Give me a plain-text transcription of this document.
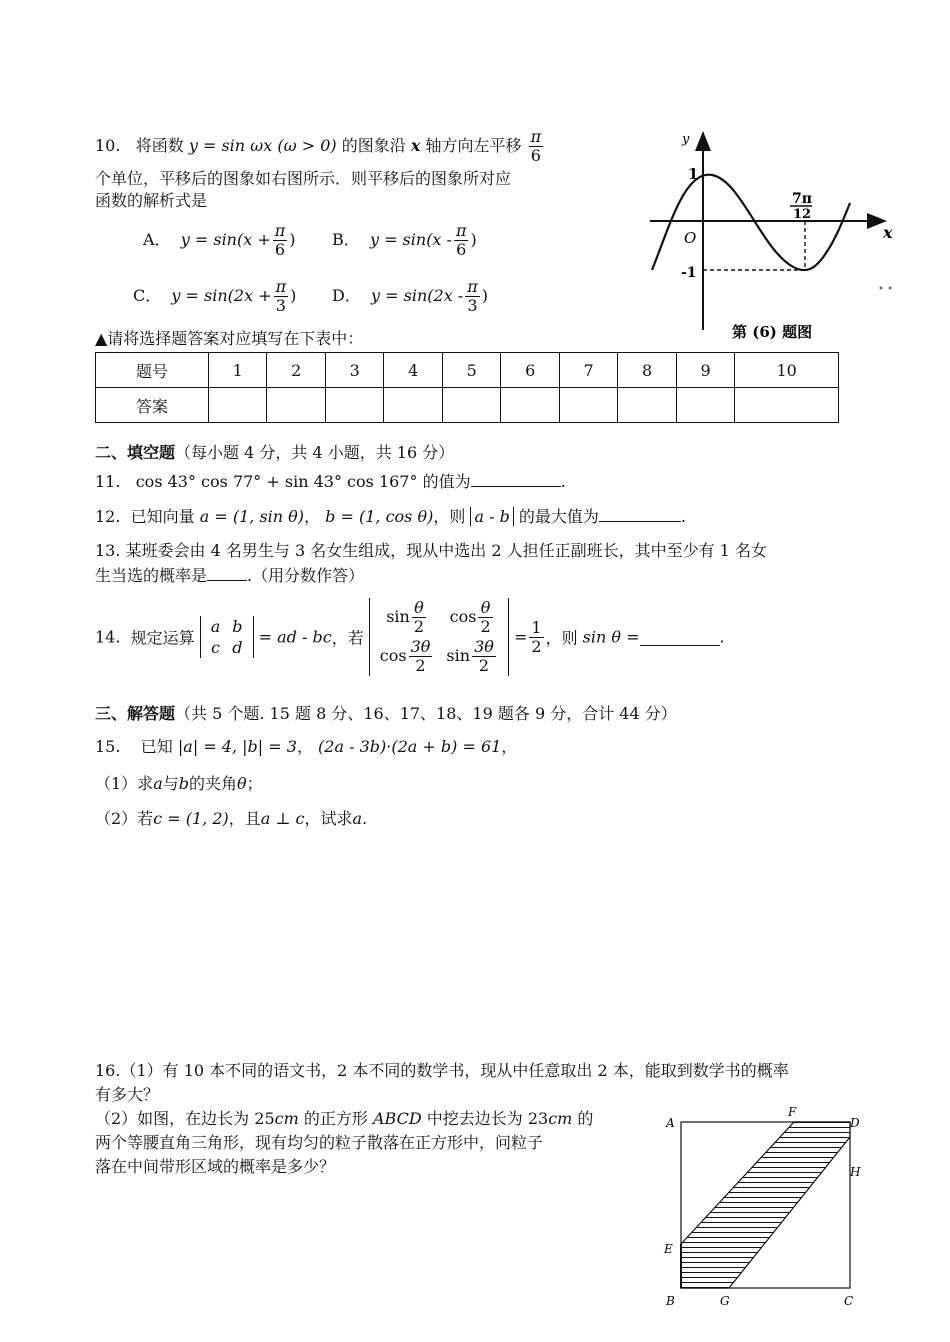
10. 将函数 y = sin ωx (ω > 0) 的图象沿 x 轴方向左平移 $\frac{\pi}{6}$
个单位，平移后的图象如右图所示．则平移后的图象所对应
函数的解析式是
A． $y = \sin(x + \frac{\pi}{6}$ ) B． $y = \sin(x - \frac{\pi}{6}$ )
C． $y = \sin(2x + \frac{\pi}{3}$ ) D． $y = \sin(2x - \frac{\pi}{3}$ )
y
x
O
1
-1
7π
12
• •
第 (6) 题图
▲请将选择题答案对应填写在下表中：
题号	1	2	3	4	5	6	7	8	9	10
答案										
二、填空题（每小题 4 分，共 4 小题，共 16 分）
11. cos 43° cos 77° + sin 43° cos 167° 的值为	.
12. 已知向量 a = (1, sin θ)， b = (1, cos θ)，则 a - b 的最大值为	.
13. 某班委会由 4 名男生与 3 名女生组成，现从中选出 2 人担任正副班长，其中至少有 1 名女
生当选的概率是	.（用分数作答）
14. 规定运算
a	b
c	d
= ad - bc，若
$\sin \frac{\theta}{2}$	$\cos \frac{\theta}{2}$

$\cos \frac{3\theta}{2}$	$\sin \frac{3\theta}{2}$
= $\frac{1}{2}$ ，则 sin θ =	.
三、解答题（共 5 个题. 15 题 8 分、16、17、18、19 题各 9 分，合计 44 分）
15. 已知 |a| = 4, |b| = 3， (2a - 3b)·(2a + b) = 61，
（1）求a与b的夹角θ；
（2）若c = (1, 2)，且a ⊥ c，试求a.
16.（1）有 10 本不同的语文书，2 本不同的数学书，现从中任意取出 2 本，能取到数学书的概率
有多大？
（2）如图，在边长为 25cm 的正方形 ABCD 中挖去边长为 23cm 的
两个等腰直角三角形，现有均匀的粒子散落在正方形中，问粒子
落在中间带形区域的概率是多少？
A
B	C
D
E
F
G
H
